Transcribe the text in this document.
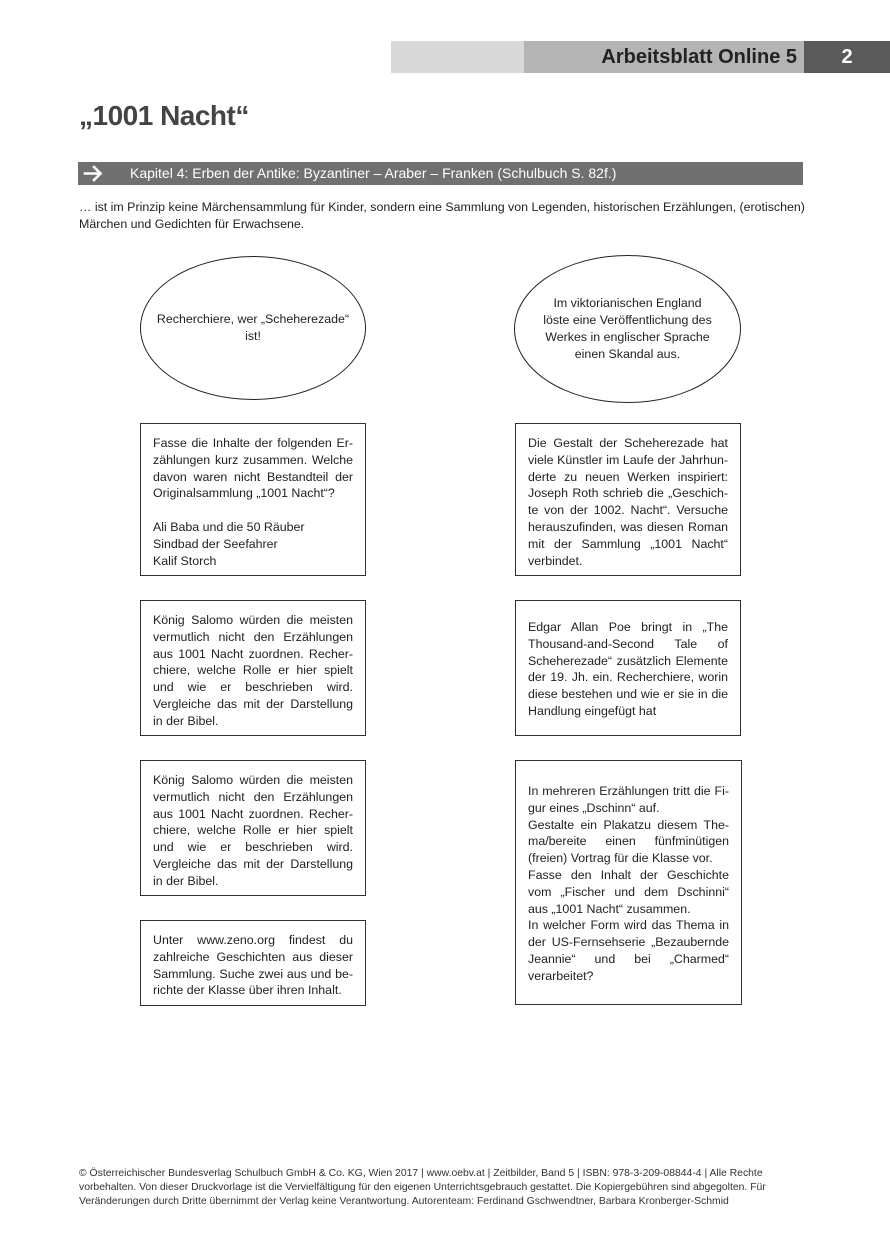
Arbeitsblatt Online 5	2
„1001 Nacht“
Kapitel 4: Erben der Antike: Byzantiner – Araber – Franken (Schulbuch S. 82f.)
… ist im Prinzip keine Märchensammlung für Kinder, sondern eine Sammlung von Legenden, historischen Erzählungen, (erotischen) Märchen und Gedichten für Erwachsene.
Recherchiere, wer „Scheherezade“
ist!
Im viktorianischen England
löste eine Veröffentlichung des
Werkes in englischer Sprache
einen Skandal aus.

Fasse die Inhalte der folgenden Erzählungen kurz zusammen. Welche davon waren nicht Bestandteil der Originalsammlung „1001 Nacht“?

Ali Baba und die 50 Räuber

Sindbad der Seefahrer

Kalif Storch

König Salomo würden die meisten vermutlich nicht den Erzählungen aus 1001 Nacht zuordnen. Recherchiere, welche Rolle er hier spielt und wie er beschrieben wird. Vergleiche das mit der Darstellung in der Bibel.

König Salomo würden die meisten vermutlich nicht den Erzählungen aus 1001 Nacht zuordnen. Recherchiere, welche Rolle er hier spielt und wie er beschrieben wird. Vergleiche das mit der Darstellung in der Bibel.

Unter www.zeno.org findest du zahlreiche Geschichten aus dieser Sammlung. Suche zwei aus und berichte der Klasse über ihren Inhalt.

Die Gestalt der Scheherezade hat viele Künstler im Laufe der Jahrhunderte zu neuen Werken inspiriert: Joseph Roth schrieb die „Geschichte von der 1002. Nacht“. Versuche herauszufinden, was diesen Roman mit der Sammlung „1001 Nacht“ verbindet.

Edgar Allan Poe bringt in „The Thousand-and-Second Tale of Scheherezade“ zusätzlich Elemente der 19. Jh. ein. Recherchiere, worin diese bestehen und wie er sie in die Handlung eingefügt hat

In mehreren Erzählungen tritt die Figur eines „Dschinn“ auf.

Gestalte ein Plakatzu diesem Thema/bereite einen fünfminütigen (freien) Vortrag für die Klasse vor.

Fasse den Inhalt der Geschichte vom „Fischer und dem Dschinni“ aus „1001 Nacht“ zusammen.

In welcher Form wird das Thema in der US-Fernsehserie „Bezaubernde Jeannie“ und bei „Charmed“ verarbeitet?

© Österreichischer Bundesverlag Schulbuch GmbH & Co. KG, Wien 2017 | www.oebv.at | Zeitbilder, Band 5 | ISBN: 978-3-209-08844-4 | Alle Rechte vorbehalten. Von dieser Druckvorlage ist die Vervielfältigung für den eigenen Unterrichtsgebrauch gestattet. Die Kopiergebühren sind abgegolten. Für Veränderungen durch Dritte übernimmt der Verlag keine Verantwortung. Autorenteam: Ferdinand Gschwendtner, Barbara Kronberger-Schmid
